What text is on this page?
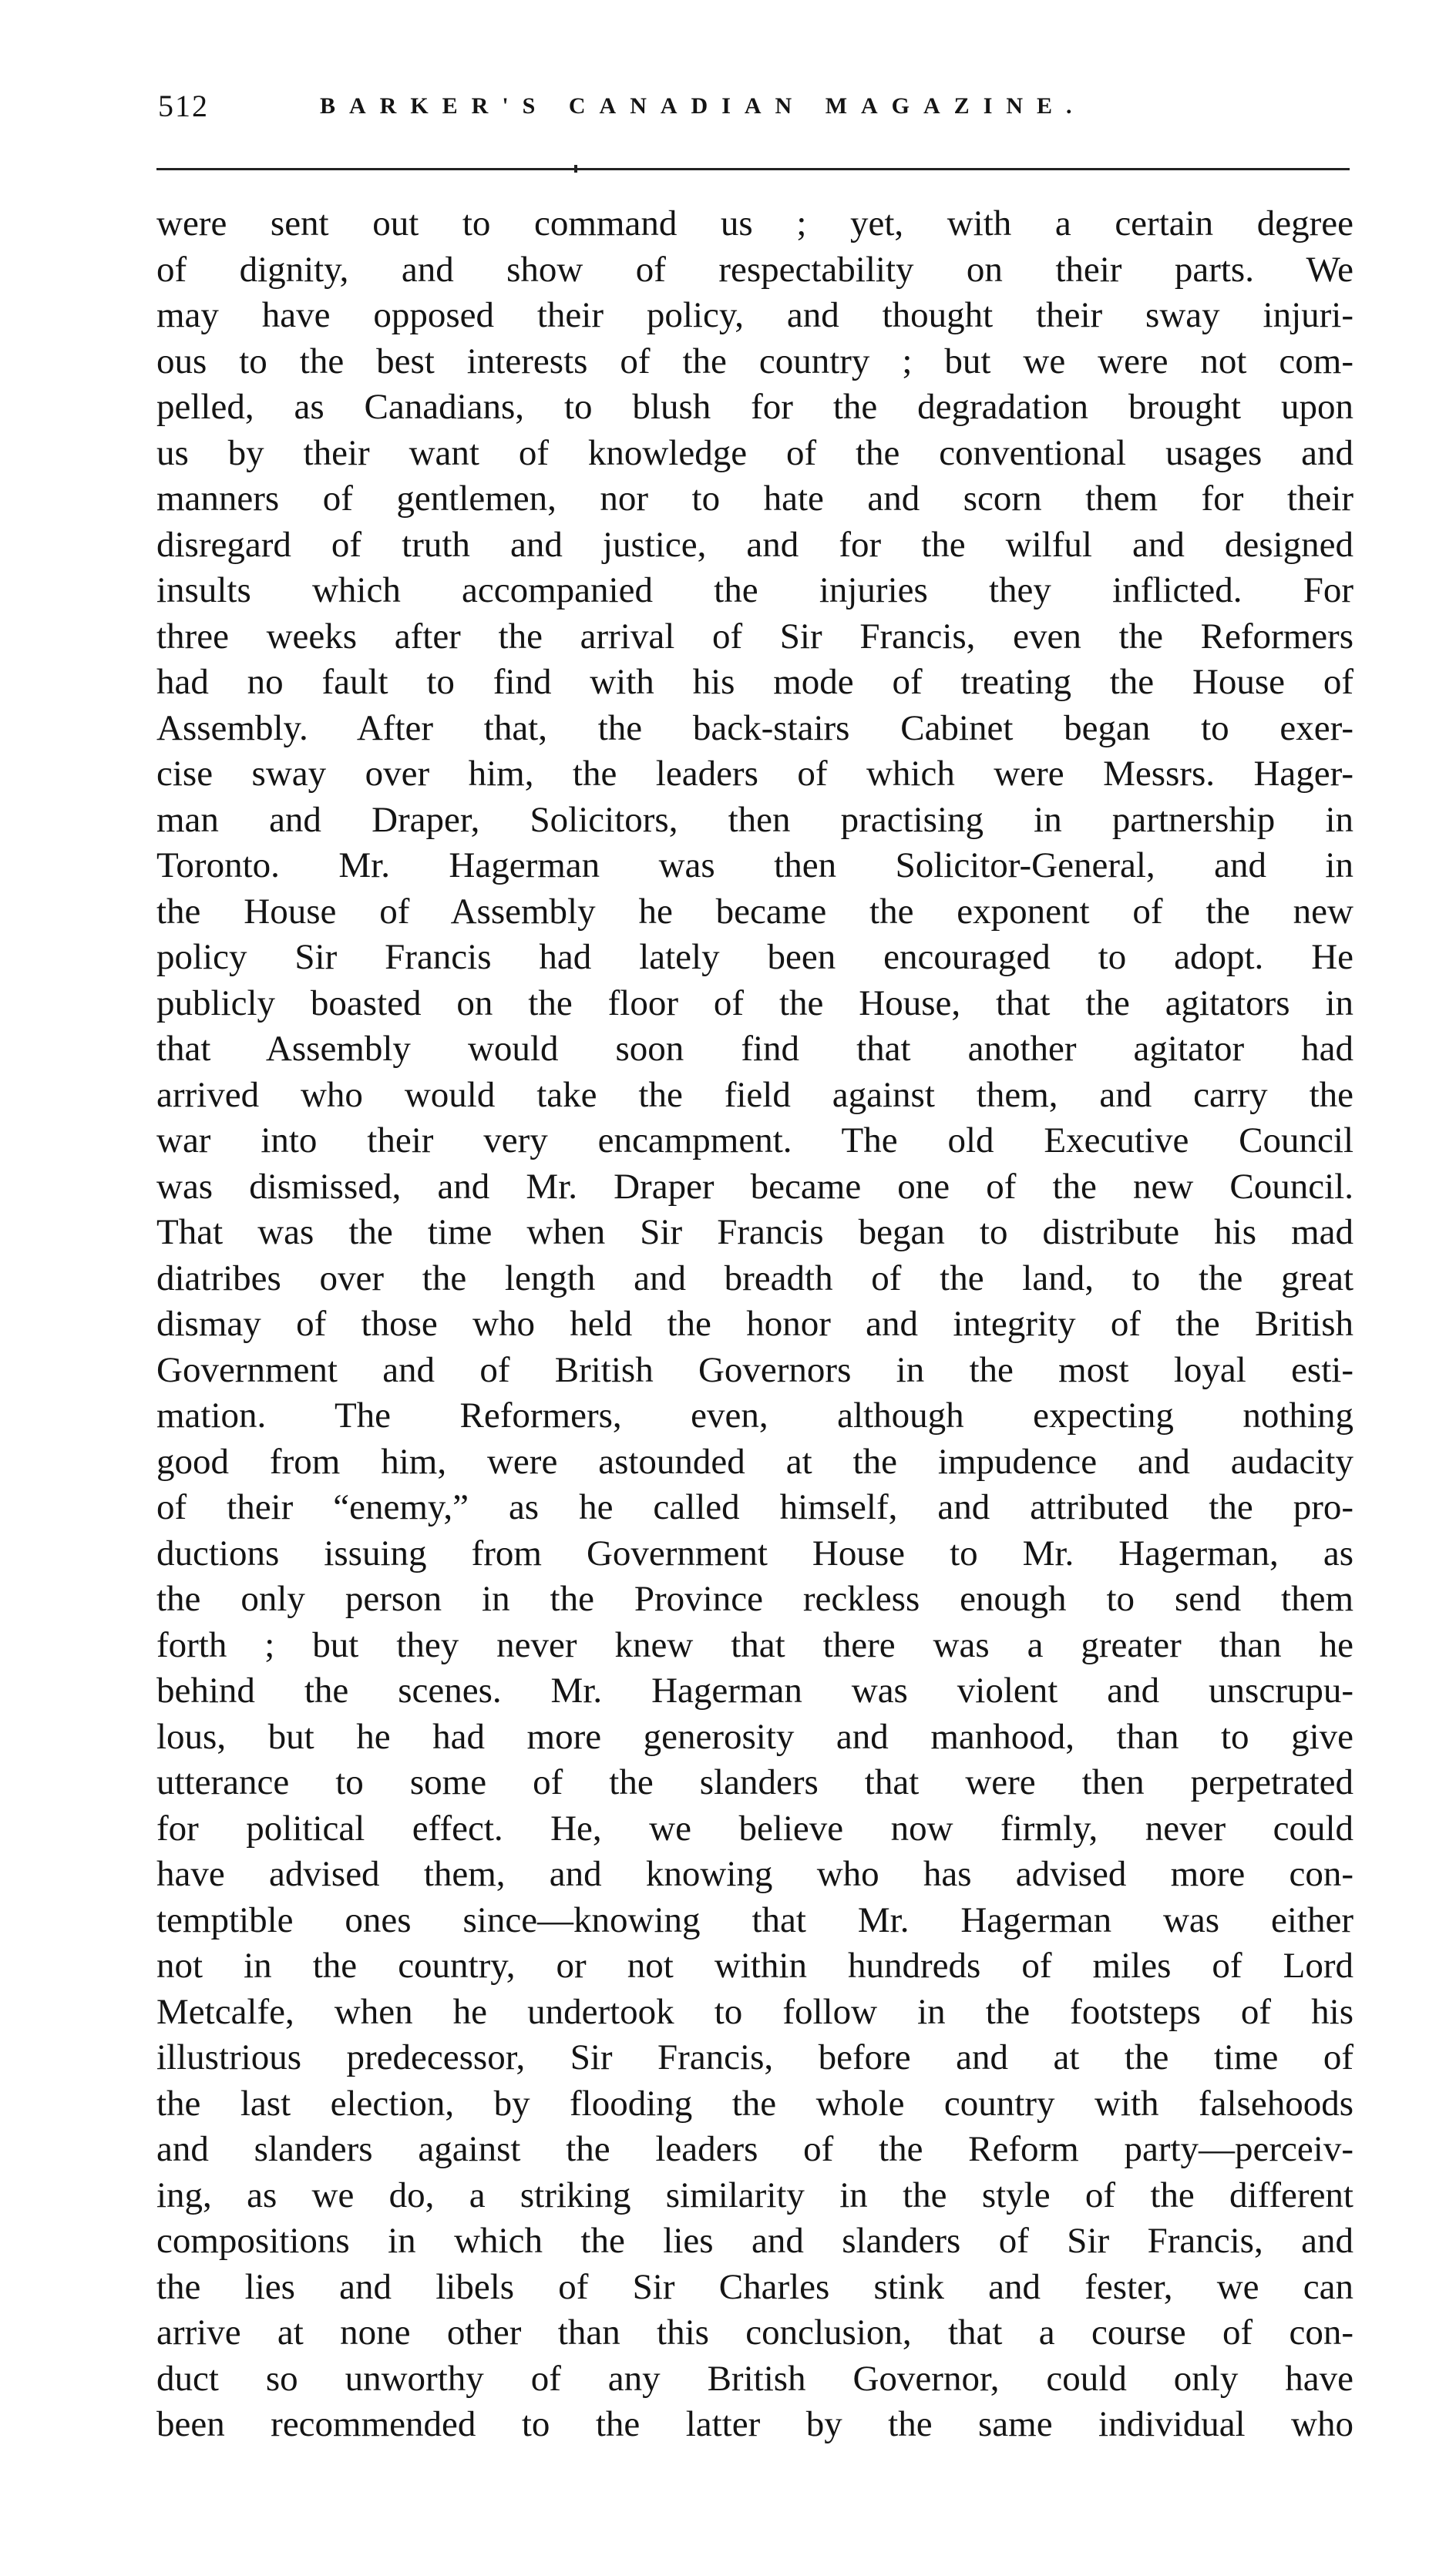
512	BARKER'S CANADIAN MAGAZINE.
were sent out to command us ; yet, with a certain degree
of dignity, and show of respectability on their parts. We
may have opposed their policy, and thought their sway injuri-
ous to the best interests of the country ; but we were not com-
pelled, as Canadians, to blush for the degradation brought upon
us by their want of knowledge of the conventional usages and
manners of gentlemen, nor to hate and scorn them for their
disregard of truth and justice, and for the wilful and designed
insults which accompanied the injuries they inflicted. For
three weeks after the arrival of Sir Francis, even the Reformers
had no fault to find with his mode of treating the House of
Assembly. After that, the back-stairs Cabinet began to exer-
cise sway over him, the leaders of which were Messrs. Hager-
man and Draper, Solicitors, then practising in partnership in
Toronto. Mr. Hagerman was then Solicitor-General, and in
the House of Assembly he became the exponent of the new
policy Sir Francis had lately been encouraged to adopt. He
publicly boasted on the floor of the House, that the agitators in
that Assembly would soon find that another agitator had
arrived who would take the field against them, and carry the
war into their very encampment. The old Executive Council
was dismissed, and Mr. Draper became one of the new Council.
That was the time when Sir Francis began to distribute his mad
diatribes over the length and breadth of the land, to the great
dismay of those who held the honor and integrity of the British
Government and of British Governors in the most loyal esti-
mation. The Reformers, even, although expecting nothing
good from him, were astounded at the impudence and audacity
of their “enemy,” as he called himself, and attributed the pro-
ductions issuing from Government House to Mr. Hagerman, as
the only person in the Province reckless enough to send them
forth ; but they never knew that there was a greater than he
behind the scenes. Mr. Hagerman was violent and unscrupu-
lous, but he had more generosity and manhood, than to give
utterance to some of the slanders that were then perpetrated
for political effect. He, we believe now firmly, never could
have advised them, and knowing who has advised more con-
temptible ones since—knowing that Mr. Hagerman was either
not in the country, or not within hundreds of miles of Lord
Metcalfe, when he undertook to follow in the footsteps of his
illustrious predecessor, Sir Francis, before and at the time of
the last election, by flooding the whole country with falsehoods
and slanders against the leaders of the Reform party—perceiv-
ing, as we do, a striking similarity in the style of the different
compositions in which the lies and slanders of Sir Francis, and
the lies and libels of Sir Charles stink and fester, we can
arrive at none other than this conclusion, that a course of con-
duct so unworthy of any British Governor, could only have
been recommended to the latter by the same individual who
